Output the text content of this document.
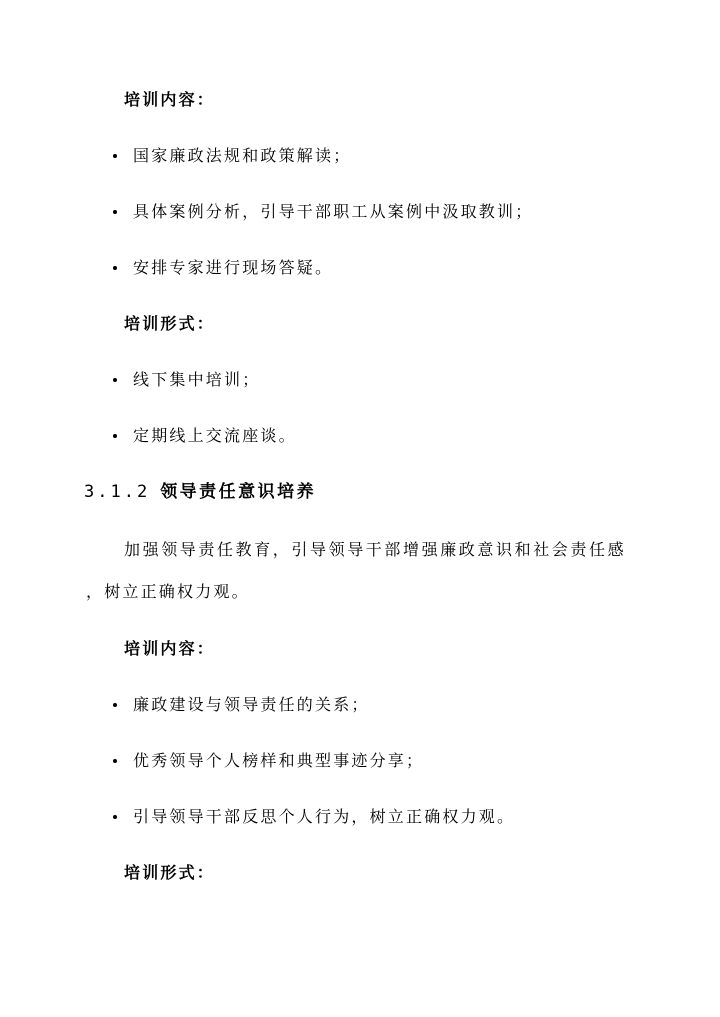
培训内容：
国家廉政法规和政策解读；
具体案例分析，引导干部职工从案例中汲取教训；
安排专家进行现场答疑。
培训形式：
线下集中培训；
定期线上交流座谈。
3.1.2 领导责任意识培养
加强领导责任教育，引导领导干部增强廉政意识和社会责任感
，树立正确权力观。
培训内容：
廉政建设与领导责任的关系；
优秀领导个人榜样和典型事迹分享；
引导领导干部反思个人行为，树立正确权力观。
培训形式：
